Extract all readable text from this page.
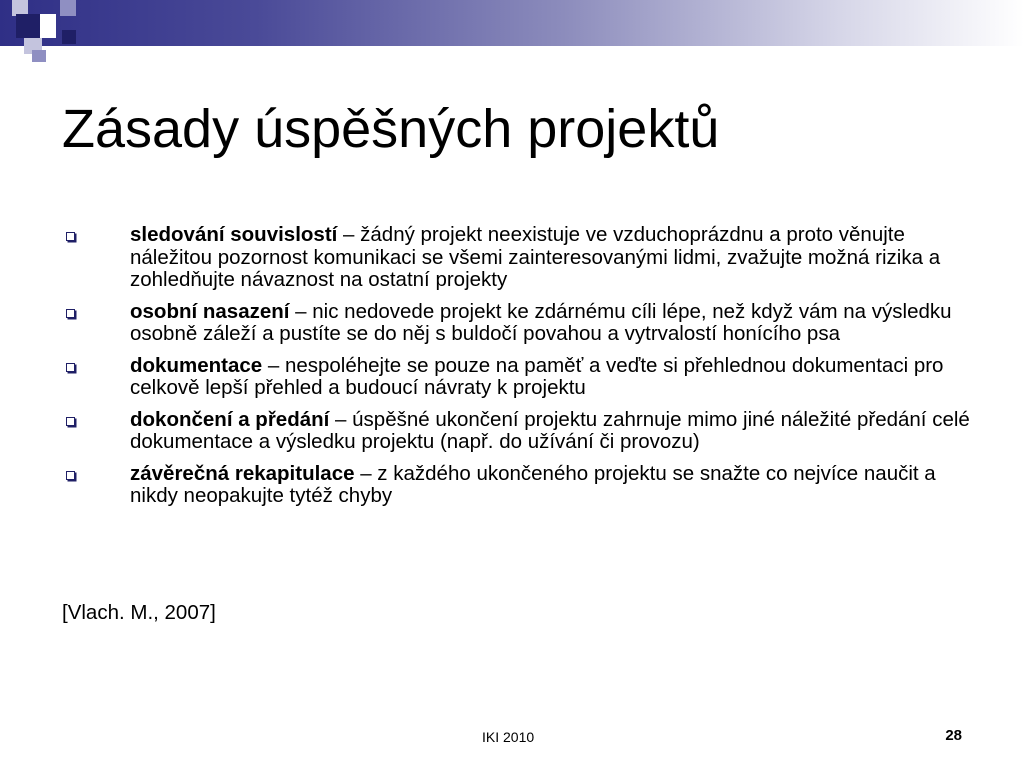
Zásady úspěšných projektů
sledování souvislostí – žádný projekt neexistuje ve vzduchoprázdnu a proto věnujte náležitou pozornost komunikaci se všemi zainteresovanými lidmi, zvažujte možná rizika a zohledňujte návaznost na ostatní projekty
osobní nasazení – nic nedovede projekt ke zdárnému cíli lépe, než když vám na výsledku osobně záleží a pustíte se do něj s buldočí povahou a vytrvalostí honícího psa
dokumentace – nespoléhejte se pouze na paměť a veďte si přehlednou dokumentaci pro celkově lepší přehled a budoucí návraty k projektu
dokončení a předání – úspěšné ukončení projektu zahrnuje mimo jiné náležité předání celé dokumentace a výsledku projektu (např. do užívání či provozu)
závěrečná rekapitulace – z každého ukončeného projektu se snažte co nejvíce naučit a nikdy neopakujte tytéž chyby
[Vlach. M., 2007]
IKI 2010	28
